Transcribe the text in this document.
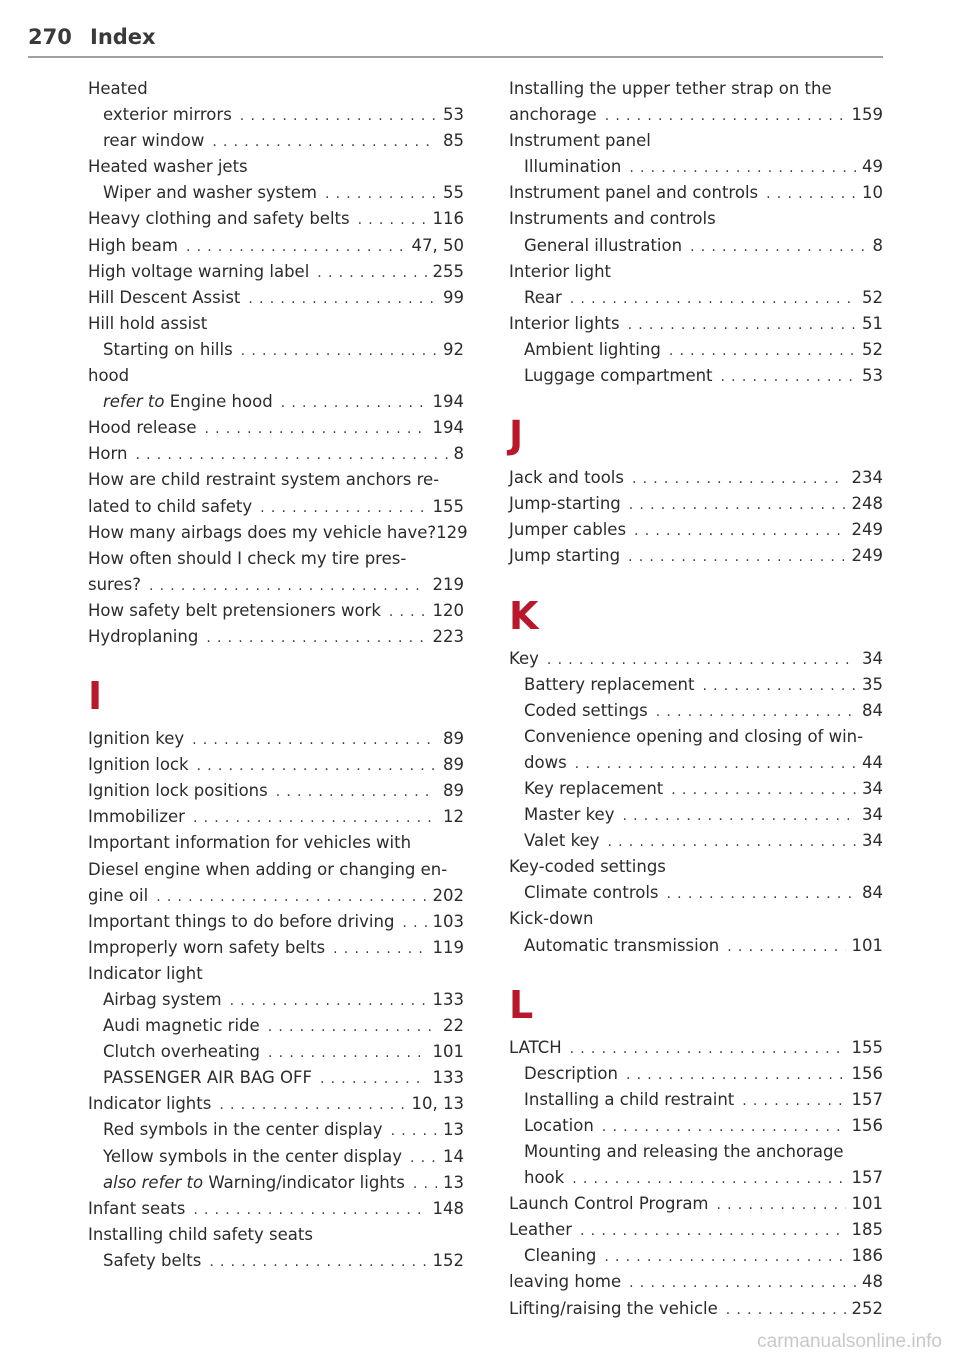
270 Index
Heated
exterior mirrors .....	53
rear window .....	85
Heated washer jets
Wiper and washer system .....	55
Heavy clothing and safety belts .....	116
High beam .....	47, 50
High voltage warning label .....	255
Hill Descent Assist .....	99
Hill hold assist
Starting on hills .....	92
hood
refer to Engine hood .....	194
Hood release .....	194
Horn .....	8
How are child restraint system anchors re-
lated to child safety .....	155
How many airbags does my vehicle have? 129
How often should I check my tire pres-
sures? .....	219
How safety belt pretensioners work .....	120
Hydroplaning .....	223
I
Ignition key .....	89
Ignition lock .....	89
Ignition lock positions .....	89
Immobilizer .....	12
Important information for vehicles with
Diesel engine when adding or changing en-
gine oil .....	202
Important things to do before driving ..... 103
Improperly worn safety belts .....	119
Indicator light
Airbag system .....	133
Audi magnetic ride .....	22
Clutch overheating .....	101
PASSENGER AIR BAG OFF .....	133
Indicator lights .....	10, 13
Red symbols in the center display .....	13
Yellow symbols in the center display ..... 14
also refer to Warning/indicator lights ..... 13
Infant seats .....	148
Installing child safety seats
Safety belts .....	152
Installing the upper tether strap on the
anchorage .....	159
Instrument panel
Illumination .....	49
Instrument panel and controls .....	10
Instruments and controls
General illustration .....	8
Interior light
Rear .....	52
Interior lights .....	51
Ambient lighting .....	52
Luggage compartment .....	53
J
Jack and tools .....	234
Jump-starting .....	248
Jumper cables .....	249
Jump starting .....	249
K
Key .....	34
Battery replacement .....	35
Coded settings .....	84
Convenience opening and closing of win-
dows .....	44
Key replacement .....	34
Master key .....	34
Valet key .....	34
Key-coded settings
Climate controls .....	84
Kick-down
Automatic transmission .....	101
L
LATCH .....	155
Description .....	156
Installing a child restraint .....	157
Location .....	156
Mounting and releasing the anchorage
hook .....	157
Launch Control Program .....	101
Leather .....	185
Cleaning .....	186
leaving home .....	48
Lifting/raising the vehicle .....	252
carmanualsonline.info
